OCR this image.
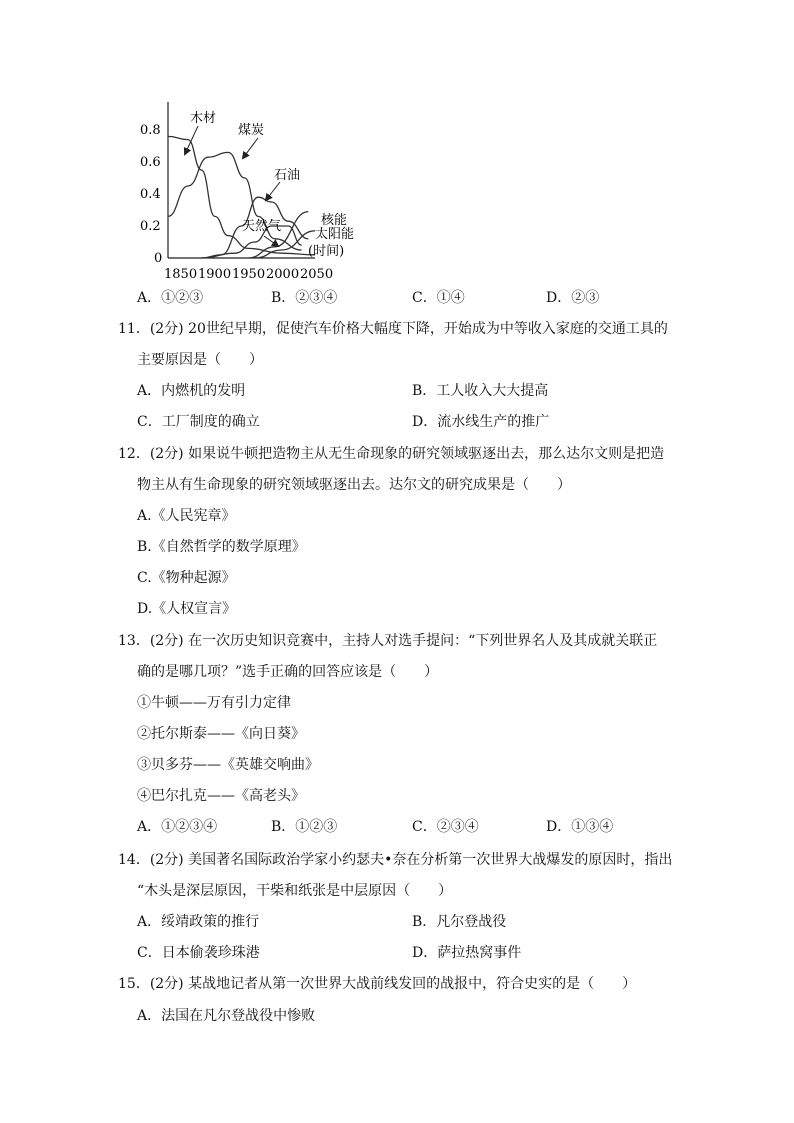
0.8
0.6
0.4
0.2
0
1850 1900 1950 2000 2050
木材
煤炭
石油
天然气	核能
太阳能
(时间)
A．①②③	B．②③④	C．①④	D．②③
11．(2分) 20世纪早期，促使汽车价格大幅度下降，开始成为中等收入家庭的交通工具的
主要原因是（　　）
A．内燃机的发明	B．工人收入大大提高
C．工厂制度的确立	D．流水线生产的推广
12．(2分) 如果说牛顿把造物主从无生命现象的研究领域驱逐出去，那么达尔文则是把造
物主从有生命现象的研究领域驱逐出去。达尔文的研究成果是（　　）
A.《人民宪章》
B.《自然哲学的数学原理》
C.《物种起源》
D.《人权宣言》
13．(2分) 在一次历史知识竞赛中，主持人对选手提问：“下列世界名人及其成就关联正
确的是哪几项？”选手正确的回答应该是（　　）
①牛顿——万有引力定律
②托尔斯泰——《向日葵》
③贝多芬——《英雄交响曲》
④巴尔扎克——《高老头》
A．①②③④	B．①②③	C．②③④	D．①③④
14．(2分) 美国著名国际政治学家小约瑟夫•奈在分析第一次世界大战爆发的原因时，指出
“木头是深层原因，干柴和纸张是中层原因（　　）
A．绥靖政策的推行	B．凡尔登战役
C．日本偷袭珍珠港	D．萨拉热窝事件
15．(2分) 某战地记者从第一次世界大战前线发回的战报中，符合史实的是（　　）
A．法国在凡尔登战役中惨败
